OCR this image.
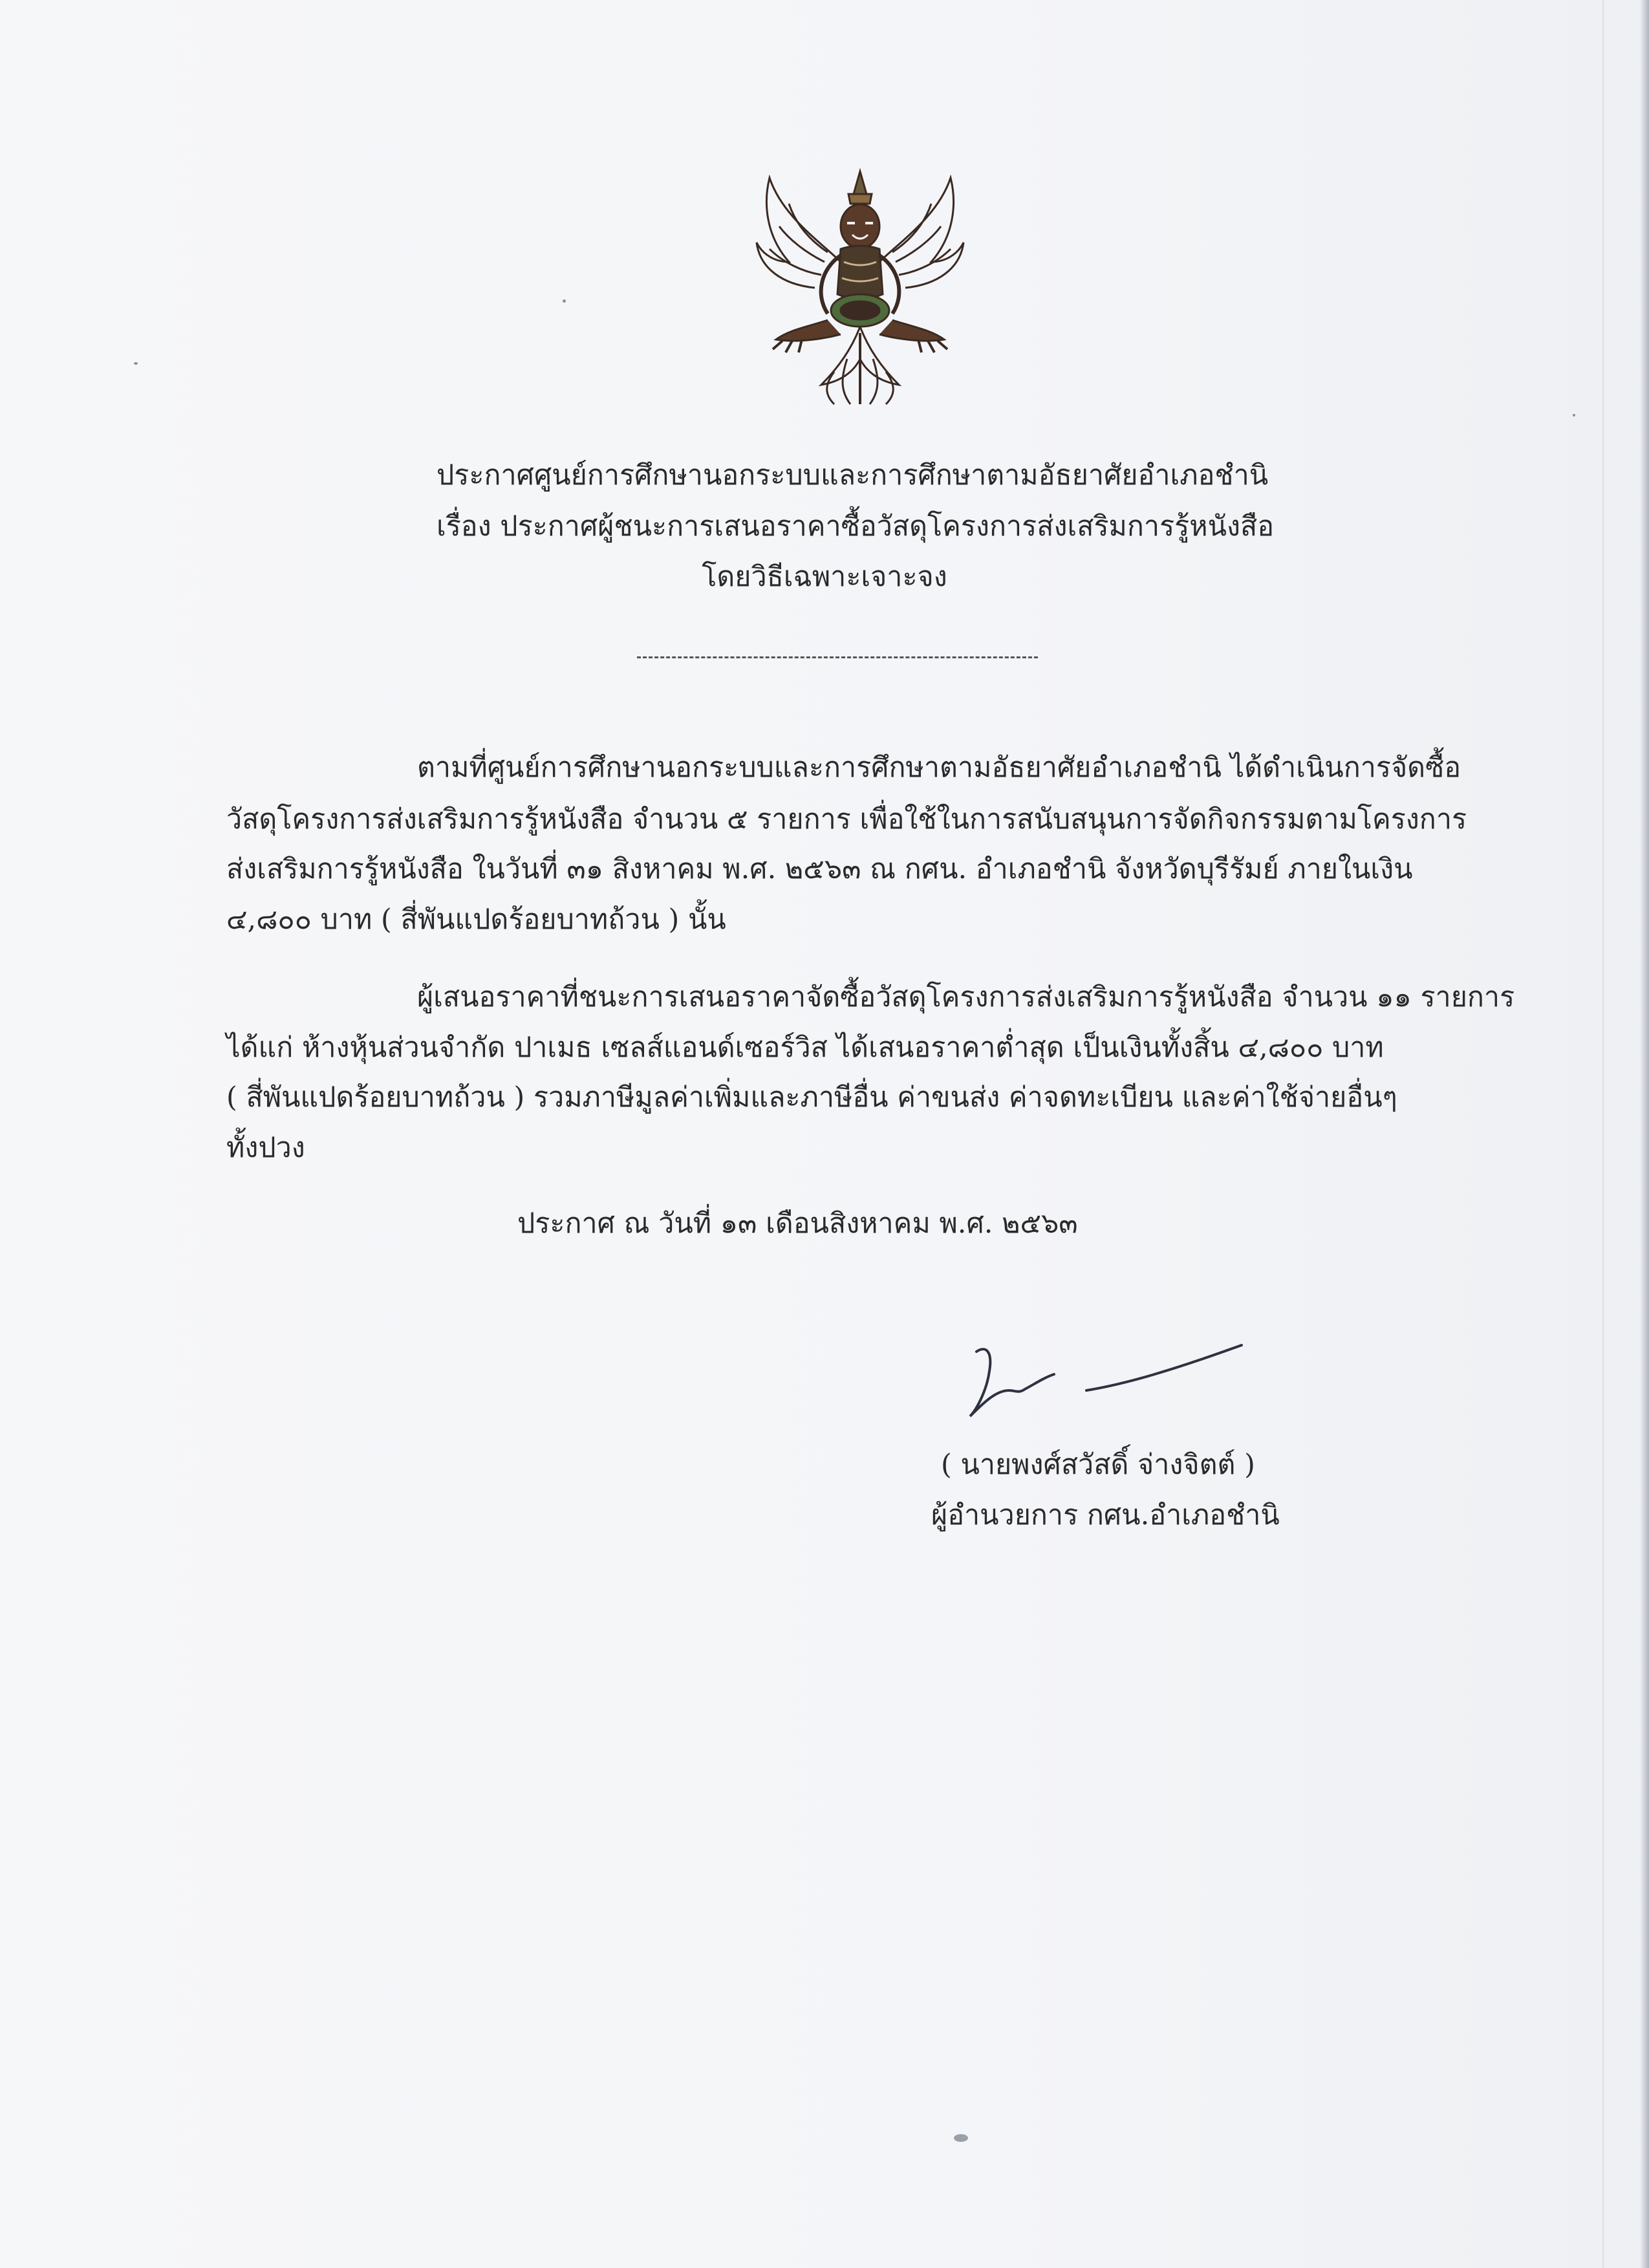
ประกาศศูนย์การศึกษานอกระบบและการศึกษาตามอัธยาศัยอำเภอชำนิ
เรื่อง ประกาศผู้ชนะการเสนอราคาซื้อวัสดุโครงการส่งเสริมการรู้หนังสือ
โดยวิธีเฉพาะเจาะจง
ตามที่ศูนย์การศึกษานอกระบบและการศึกษาตามอัธยาศัยอำเภอชำนิ ได้ดำเนินการจัดซื้อ
วัสดุโครงการส่งเสริมการรู้หนังสือ จำนวน ๕ รายการ เพื่อใช้ในการสนับสนุนการจัดกิจกรรมตามโครงการ
ส่งเสริมการรู้หนังสือ ในวันที่ ๓๑ สิงหาคม พ.ศ. ๒๕๖๓ ณ กศน. อำเภอชำนิ จังหวัดบุรีรัมย์ ภายในเงิน
๔,๘๐๐ บาท ( สี่พันแปดร้อยบาทถ้วน ) นั้น
ผู้เสนอราคาที่ชนะการเสนอราคาจัดซื้อวัสดุโครงการส่งเสริมการรู้หนังสือ จำนวน ๑๑ รายการ
ได้แก่ ห้างหุ้นส่วนจำกัด ปาเมธ เซลส์แอนด์เซอร์วิส ได้เสนอราคาต่ำสุด เป็นเงินทั้งสิ้น ๔,๘๐๐ บาท
( สี่พันแปดร้อยบาทถ้วน ) รวมภาษีมูลค่าเพิ่มและภาษีอื่น ค่าขนส่ง ค่าจดทะเบียน และค่าใช้จ่ายอื่นๆ
ทั้งปวง
ประกาศ ณ วันที่ ๑๓ เดือนสิงหาคม พ.ศ. ๒๕๖๓
( นายพงศ์สวัสดิ์ จ่างจิตต์ )
ผู้อำนวยการ กศน.อำเภอชำนิ
